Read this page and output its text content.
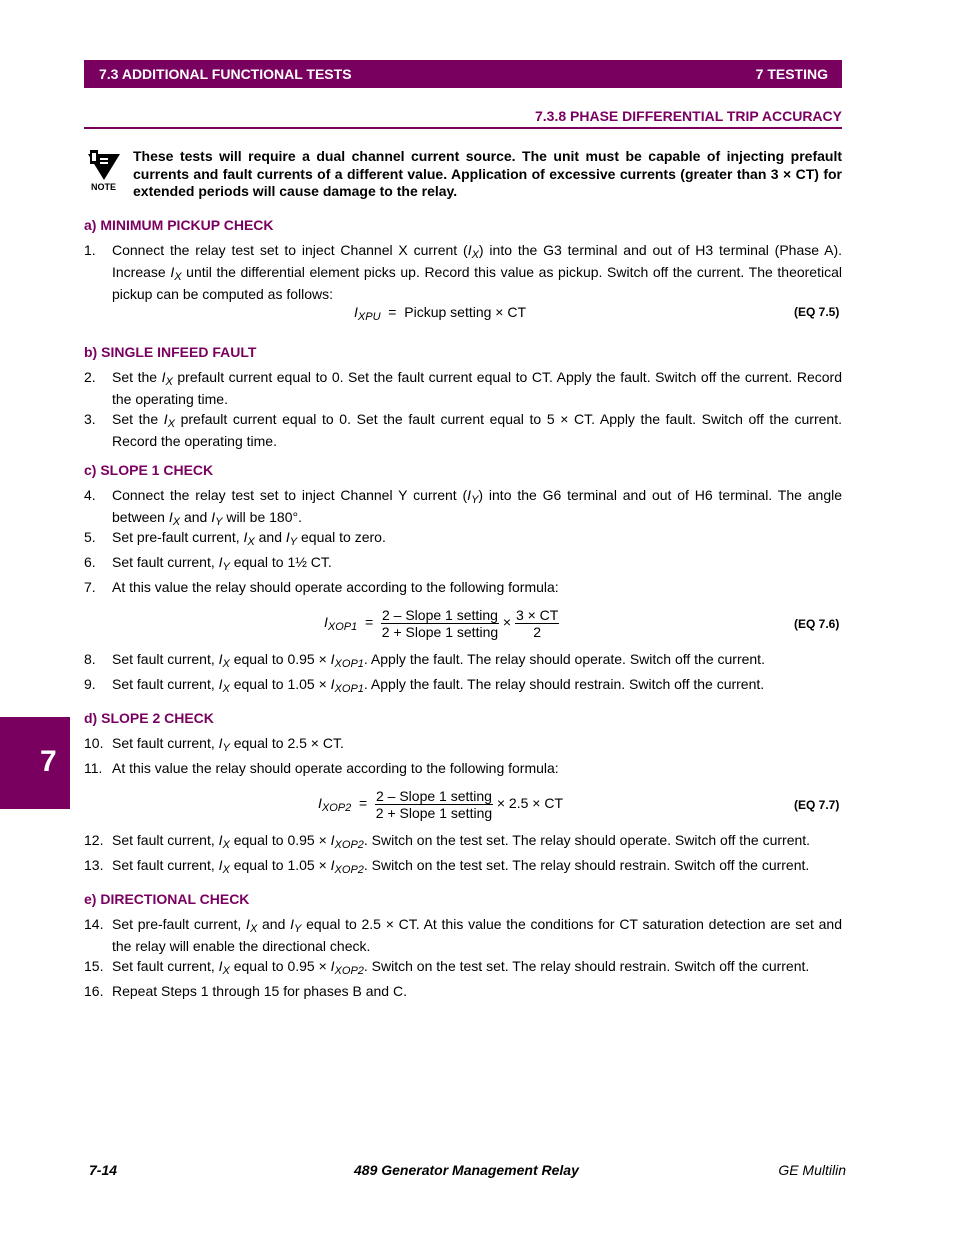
7.3 ADDITIONAL FUNCTIONAL TESTS	7 TESTING
7.3.8 PHASE DIFFERENTIAL TRIP ACCURACY
NOTE
These tests will require a dual channel current source. The unit must be capable of injecting prefault currents and fault currents of a different value. Application of excessive currents (greater than 3 × CT) for extended periods will cause damage to the relay.
a) MINIMUM PICKUP CHECK
1. Connect the relay test set to inject Channel X current $(I_X)$ into the G3 terminal and out of H3 terminal (Phase A). Increase $I_X$ until the differential element picks up. Record this value as pickup. Switch off the current. The theoretical pickup can be computed as follows:
$I_{XPU}$  =  Pickup setting × CT	(EQ 7.5)
b) SINGLE INFEED FAULT
2. Set the $I_X$ prefault current equal to 0. Set the fault current equal to CT. Apply the fault. Switch off the current. Record the operating time.
3. Set the $I_X$ prefault current equal to 0. Set the fault current equal to 5 × CT. Apply the fault. Switch off the current. Record the operating time.
c) SLOPE 1 CHECK
4. Connect the relay test set to inject Channel Y current $(I_Y)$ into the G6 terminal and out of H6 terminal. The angle between $I_X$ and $I_Y$ will be 180°.
5. Set pre-fault current, $I_X$ and $I_Y$ equal to zero.
6. Set fault current, $I_Y$ equal to 1½ CT.
7. At this value the relay should operate according to the following formula:
$I_{XOP1} = \frac{\text{2 – Slope 1 setting}}{\text{2 + Slope 1 setting}} \times \frac{3 \times CT}{2}$	(EQ 7.6)
8. Set fault current, $I_X$ equal to $0.95 \times I_{XOP1}$. Apply the fault. The relay should operate. Switch off the current.
9. Set fault current, $I_X$ equal to $1.05 \times I_{XOP1}$. Apply the fault. The relay should restrain. Switch off the current.
d) SLOPE 2 CHECK
10. Set fault current, $I_Y$ equal to 2.5 × CT.
11. At this value the relay should operate according to the following formula:
$I_{XOP2} = \frac{\text{2 – Slope 1 setting}}{\text{2 + Slope 1 setting}} \times 2.5$ × CT	(EQ 7.7)
12. Set fault current, $I_X$ equal to $0.95 \times I_{XOP2}$. Switch on the test set. The relay should operate. Switch off the current.
13. Set fault current, $I_X$ equal to $1.05 \times I_{XOP2}$. Switch on the test set. The relay should restrain. Switch off the current.
e) DIRECTIONAL CHECK
14. Set pre-fault current, $I_X$ and $I_Y$ equal to 2.5 × CT. At this value the conditions for CT saturation detection are set and the relay will enable the directional check.
15. Set fault current, $I_X$ equal to $0.95 \times I_{XOP2}$. Switch on the test set. The relay should restrain. Switch off the current.
16. Repeat Steps 1 through 15 for phases B and C.
7
7-14	489 Generator Management Relay	GE Multilin
